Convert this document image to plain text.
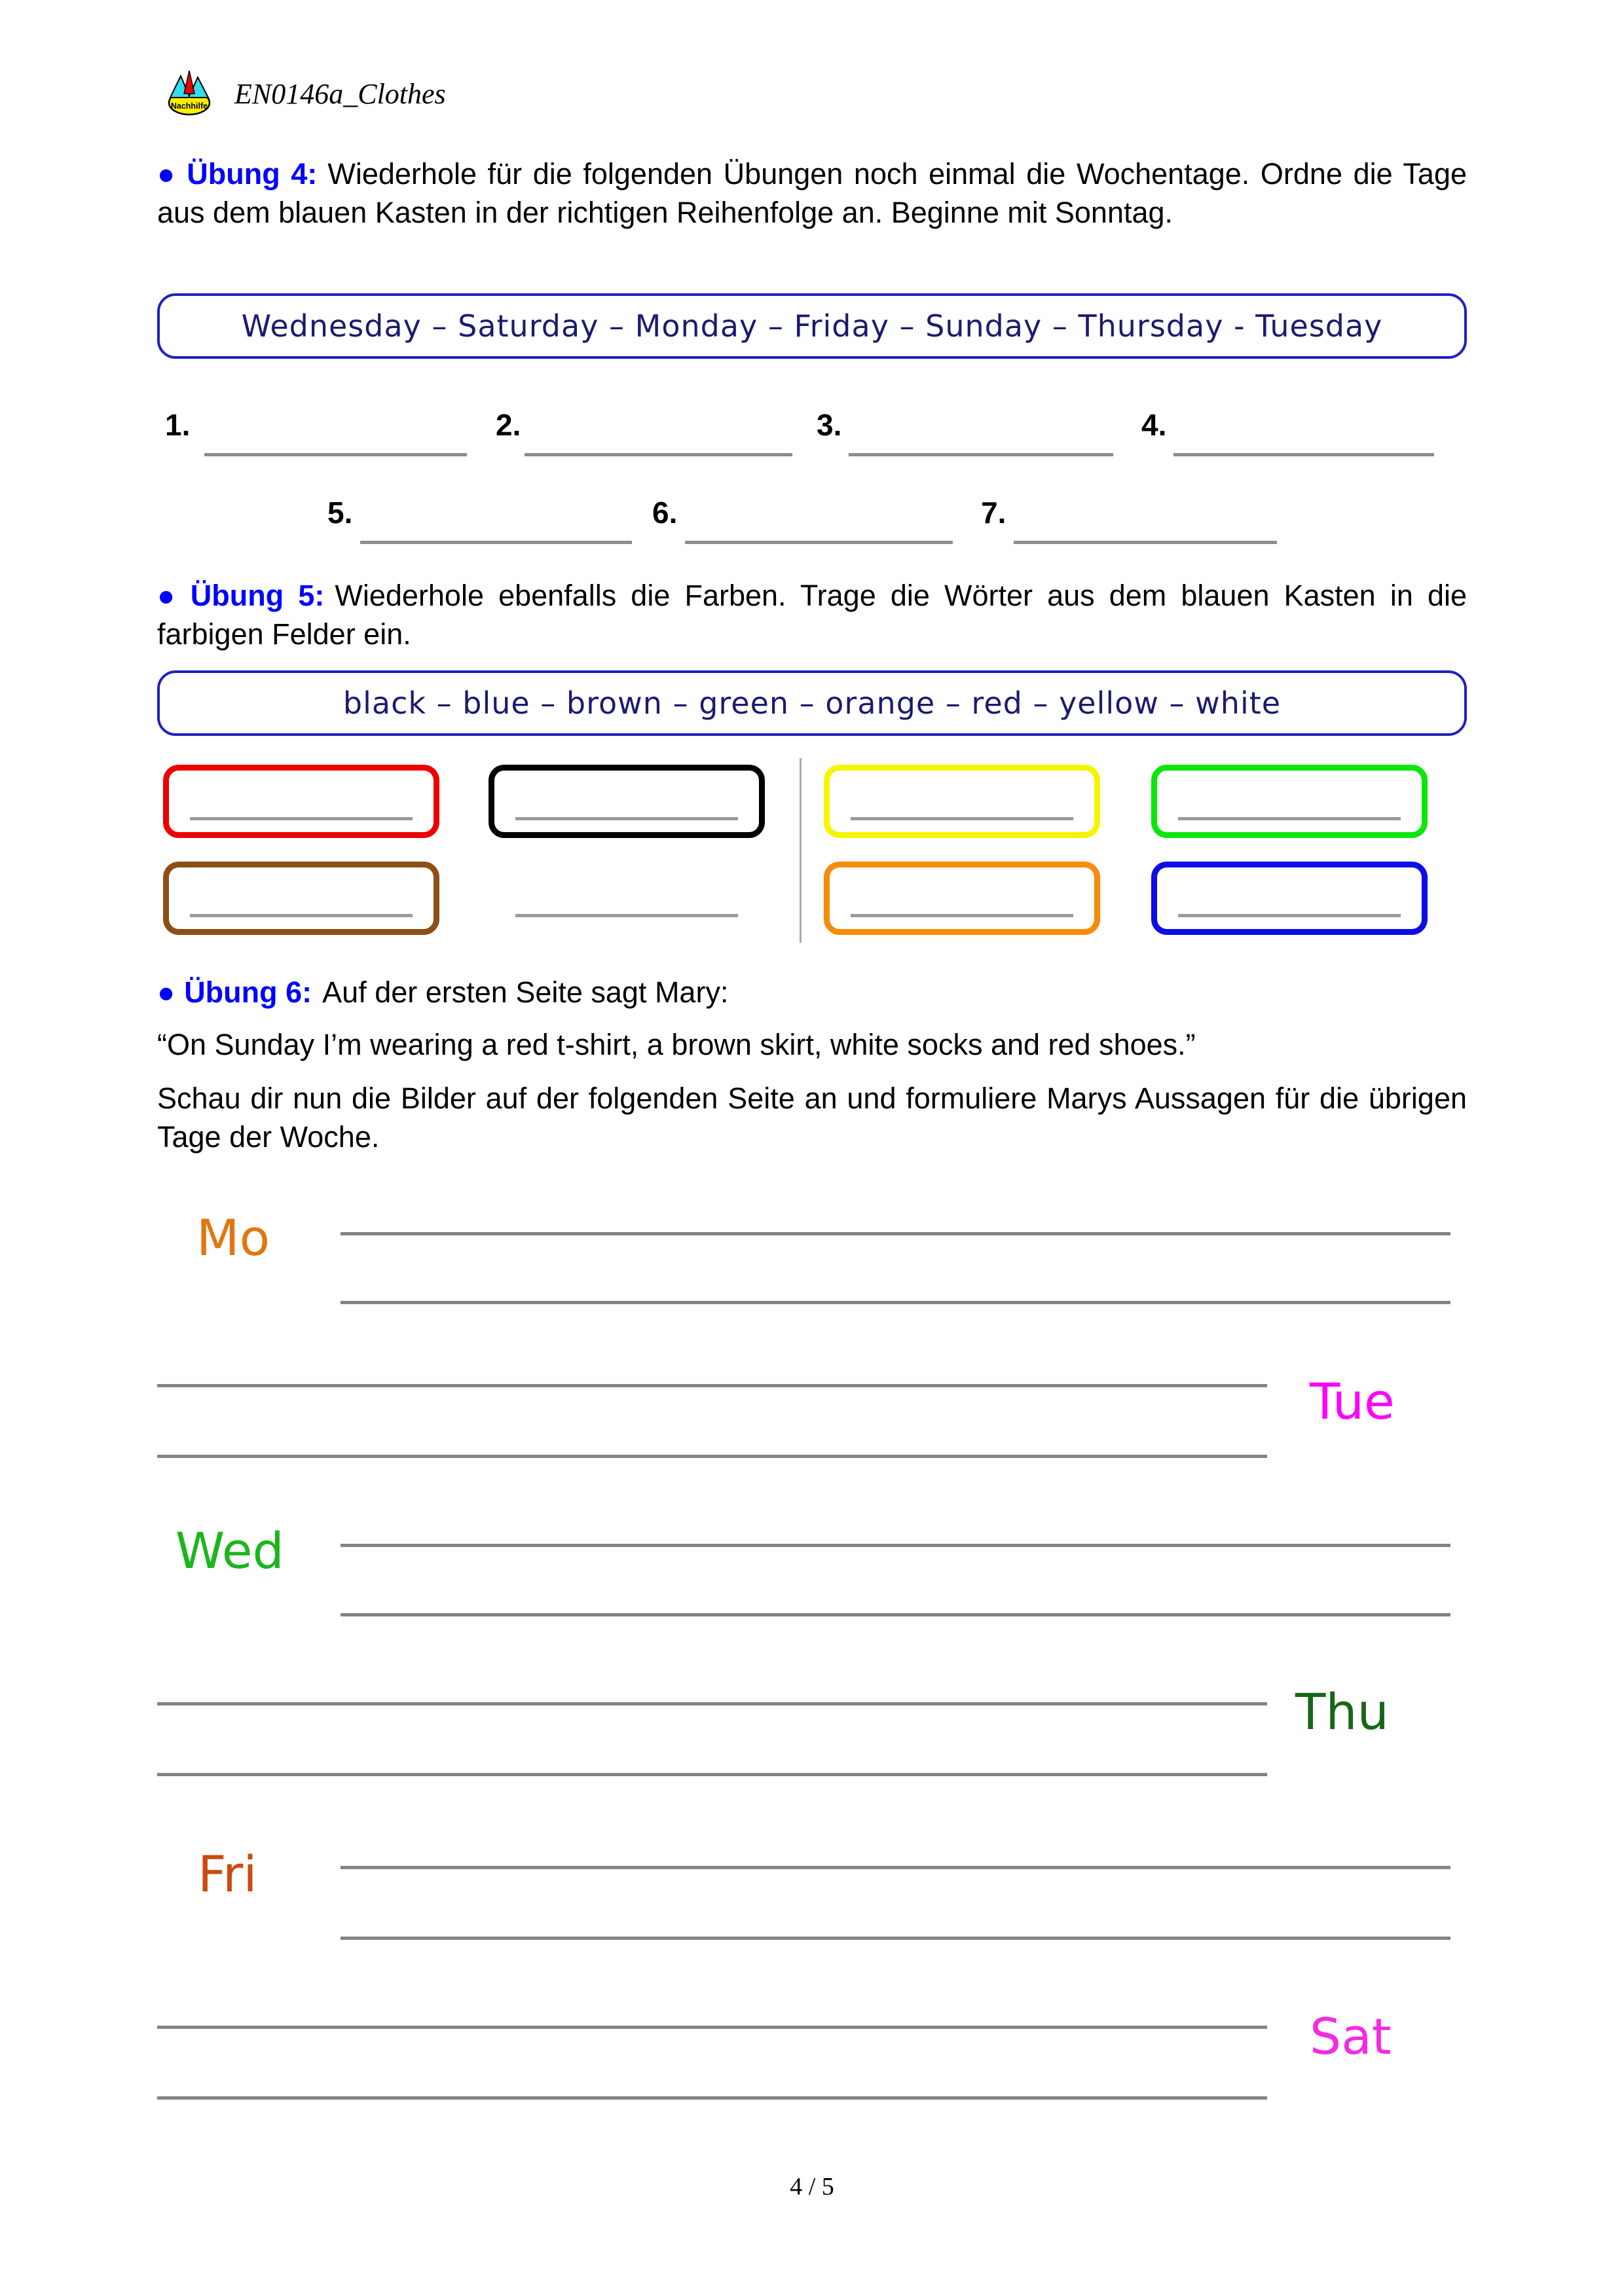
Nachhilfe EN0146a_Clothes

● Übung 4: Wiederhole für die folgenden Übungen noch einmal die Wochentage. Ordne die Tage aus dem blauen Kasten in der richtigen Reihenfolge an. Beginne mit Sonntag.

Wednesday – Saturday – Monday – Friday – Sunday – Thursday - Tuesday
1.	2.	3.	4.
5.	6.	7.

● Übung 5: Wiederhole ebenfalls die Farben. Trage die Wörter aus dem blauen Kasten in die farbigen Felder ein.

black – blue – brown – green – orange – red – yellow – white

● Übung 6: Auf der ersten Seite sagt Mary:

“On Sunday I’m wearing a red t-shirt, a brown skirt, white socks and red shoes.”

Schau dir nun die Bilder auf der folgenden Seite an und formuliere Marys Aussagen für die übrigen Tage der Woche.

Mo
Tue
Wed
Thu
Fri
Sat
4 / 5
